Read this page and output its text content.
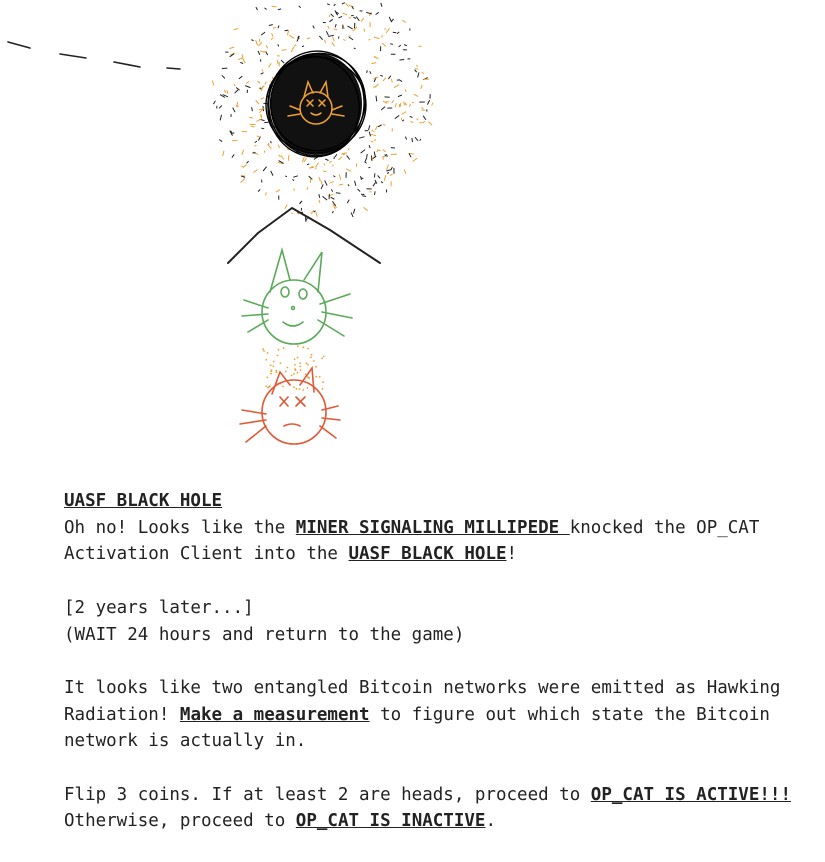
UASF BLACK HOLE
Oh no! Looks like the MINER SIGNALING MILLIPEDE knocked the OP_CAT
Activation Client into the UASF BLACK HOLE!

[2 years later...]
(WAIT 24 hours and return to the game)

It looks like two entangled Bitcoin networks were emitted as Hawking
Radiation! Make a measurement to figure out which state the Bitcoin
network is actually in.

Flip 3 coins. If at least 2 are heads, proceed to OP_CAT IS ACTIVE!!!
Otherwise, proceed to OP_CAT IS INACTIVE.
